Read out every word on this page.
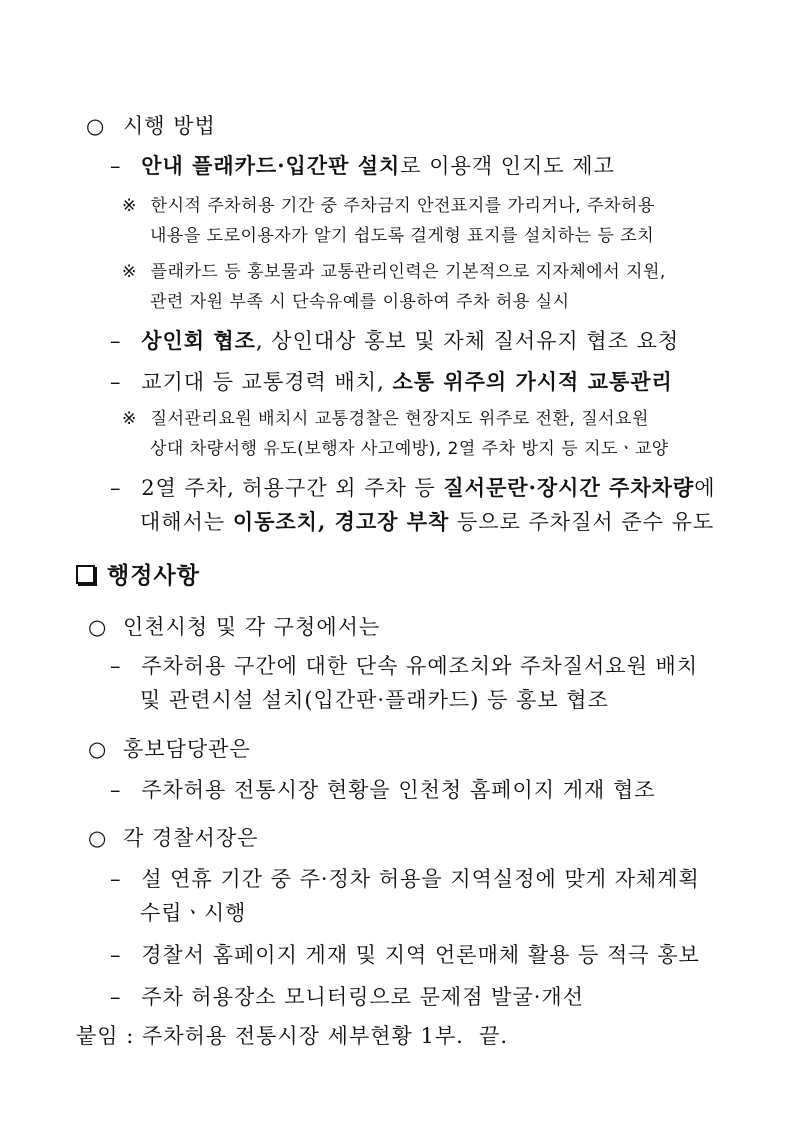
○ 시행 방법
– 안내 플래카드·입간판 설치로 이용객 인지도 제고
※ 한시적 주차허용 기간 중 주차금지 안전표지를 가리거나, 주차허용
내용을 도로이용자가 알기 쉽도록 걸게형 표지를 설치하는 등 조치
※ 플래카드 등 홍보물과 교통관리인력은 기본적으로 지자체에서 지원,
관련 자원 부족 시 단속유예를 이용하여 주차 허용 실시
– 상인회 협조, 상인대상 홍보 및 자체 질서유지 협조 요청
– 교기대 등 교통경력 배치, 소통 위주의 가시적 교통관리
※ 질서관리요원 배치시 교통경찰은 현장지도 위주로 전환, 질서요원
상대 차량서행 유도(보행자 사고예방), 2열 주차 방지 등 지도ㆍ교양
– 2열 주차, 허용구간 외 주차 등 질서문란·장시간 주차차량에
대해서는 이동조치, 경고장 부착 등으로 주차질서 준수 유도
행정사항
○ 인천시청 및 각 구청에서는
– 주차허용 구간에 대한 단속 유예조치와 주차질서요원 배치
및 관련시설 설치(입간판·플래카드) 등 홍보 협조
○ 홍보담당관은
– 주차허용 전통시장 현황을 인천청 홈페이지 게재 협조
○ 각 경찰서장은
– 설 연휴 기간 중 주·정차 허용을 지역실정에 맞게 자체계획
수립ㆍ시행
– 경찰서 홈페이지 게재 및 지역 언론매체 활용 등 적극 홍보
– 주차 허용장소 모니터링으로 문제점 발굴·개선
붙임 : 주차허용 전통시장 세부현황 1부.  끝.
